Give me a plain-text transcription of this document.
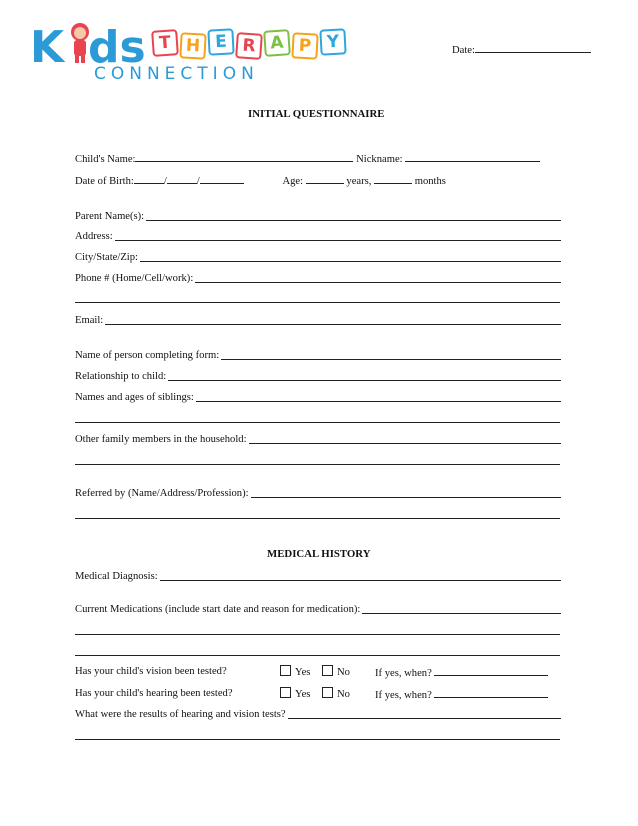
K ds T H E R A P Y
CONNECTION
Date:
INITIAL QUESTIONNAIRE
Child's Name:	Nickname:
Date of Birth:	/	/	Age:	years,	months
Parent Name(s):
Address:
City/State/Zip:
Phone # (Home/Cell/work):
Email:
Name of person completing form:
Relationship to child:
Names and ages of siblings:
Other family members in the household:
Referred by (Name/Address/Profession):
MEDICAL HISTORY
Medical Diagnosis:
Current Medications (include start date and reason for medication):
Has your child's vision been tested?	Yes	No If yes, when?
Has your child's hearing been tested?	Yes	No If yes, when?
What were the results of hearing and vision tests?
